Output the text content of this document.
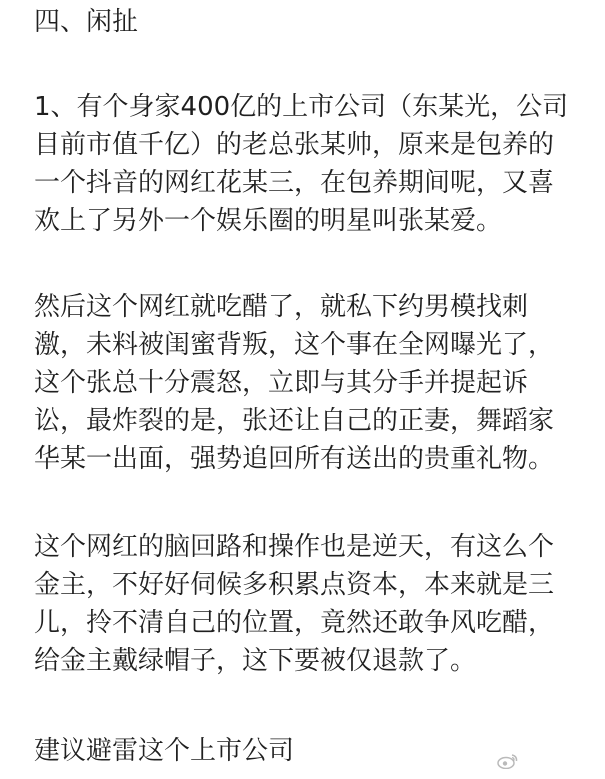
四、闲扯
1、有个身家400亿的上市公司（东某光，公司
目前市值千亿）的老总张某帅，原来是包养的
一个抖音的网红花某三，在包养期间呢，又喜
欢上了另外一个娱乐圈的明星叫张某爱。
然后这个网红就吃醋了，就私下约男模找刺
激，未料被闺蜜背叛，这个事在全网曝光了，
这个张总十分震怒，立即与其分手并提起诉
讼，最炸裂的是，张还让自己的正妻，舞蹈家
华某一出面，强势追回所有送出的贵重礼物。
这个网红的脑回路和操作也是逆天，有这么个
金主，不好好伺候多积累点资本，本来就是三
儿，拎不清自己的位置，竟然还敢争风吃醋，
给金主戴绿帽子，这下要被仅退款了。
建议避雷这个上市公司
